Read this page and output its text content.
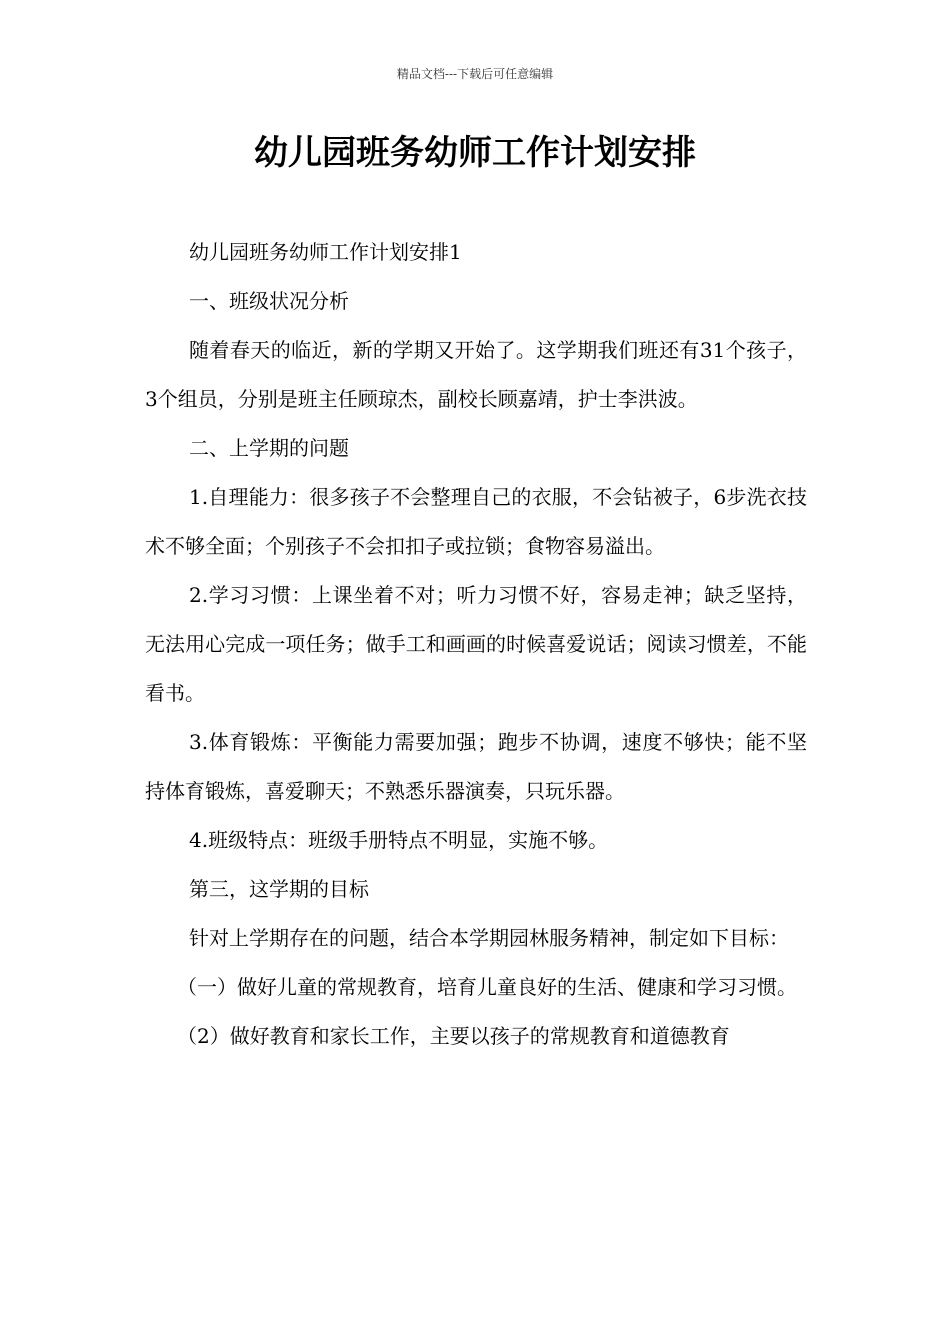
精品文档---下载后可任意编辑
幼儿园班务幼师工作计划安排

幼儿园班务幼师工作计划安排1

一、班级状况分析

随着春天的临近，新的学期又开始了。这学期我们班还有31个孩子，3个组员，分别是班主任顾琼杰，副校长顾嘉靖，护士李洪波。

二、上学期的问题

1.自理能力：很多孩子不会整理自己的衣服，不会钻被子，6步洗衣技术不够全面；个别孩子不会扣扣子或拉锁；食物容易溢出。

2.学习习惯：上课坐着不对；听力习惯不好，容易走神；缺乏坚持，无法用心完成一项任务；做手工和画画的时候喜爱说话；阅读习惯差，不能看书。

3.体育锻炼：平衡能力需要加强；跑步不协调，速度不够快；能不坚持体育锻炼，喜爱聊天；不熟悉乐器演奏，只玩乐器。

4.班级特点：班级手册特点不明显，实施不够。

第三，这学期的目标

针对上学期存在的问题，结合本学期园林服务精神，制定如下目标：

（一）做好儿童的常规教育，培育儿童良好的生活、健康和学习习惯。

（2）做好教育和家长工作，主要以孩子的常规教育和道德教育
